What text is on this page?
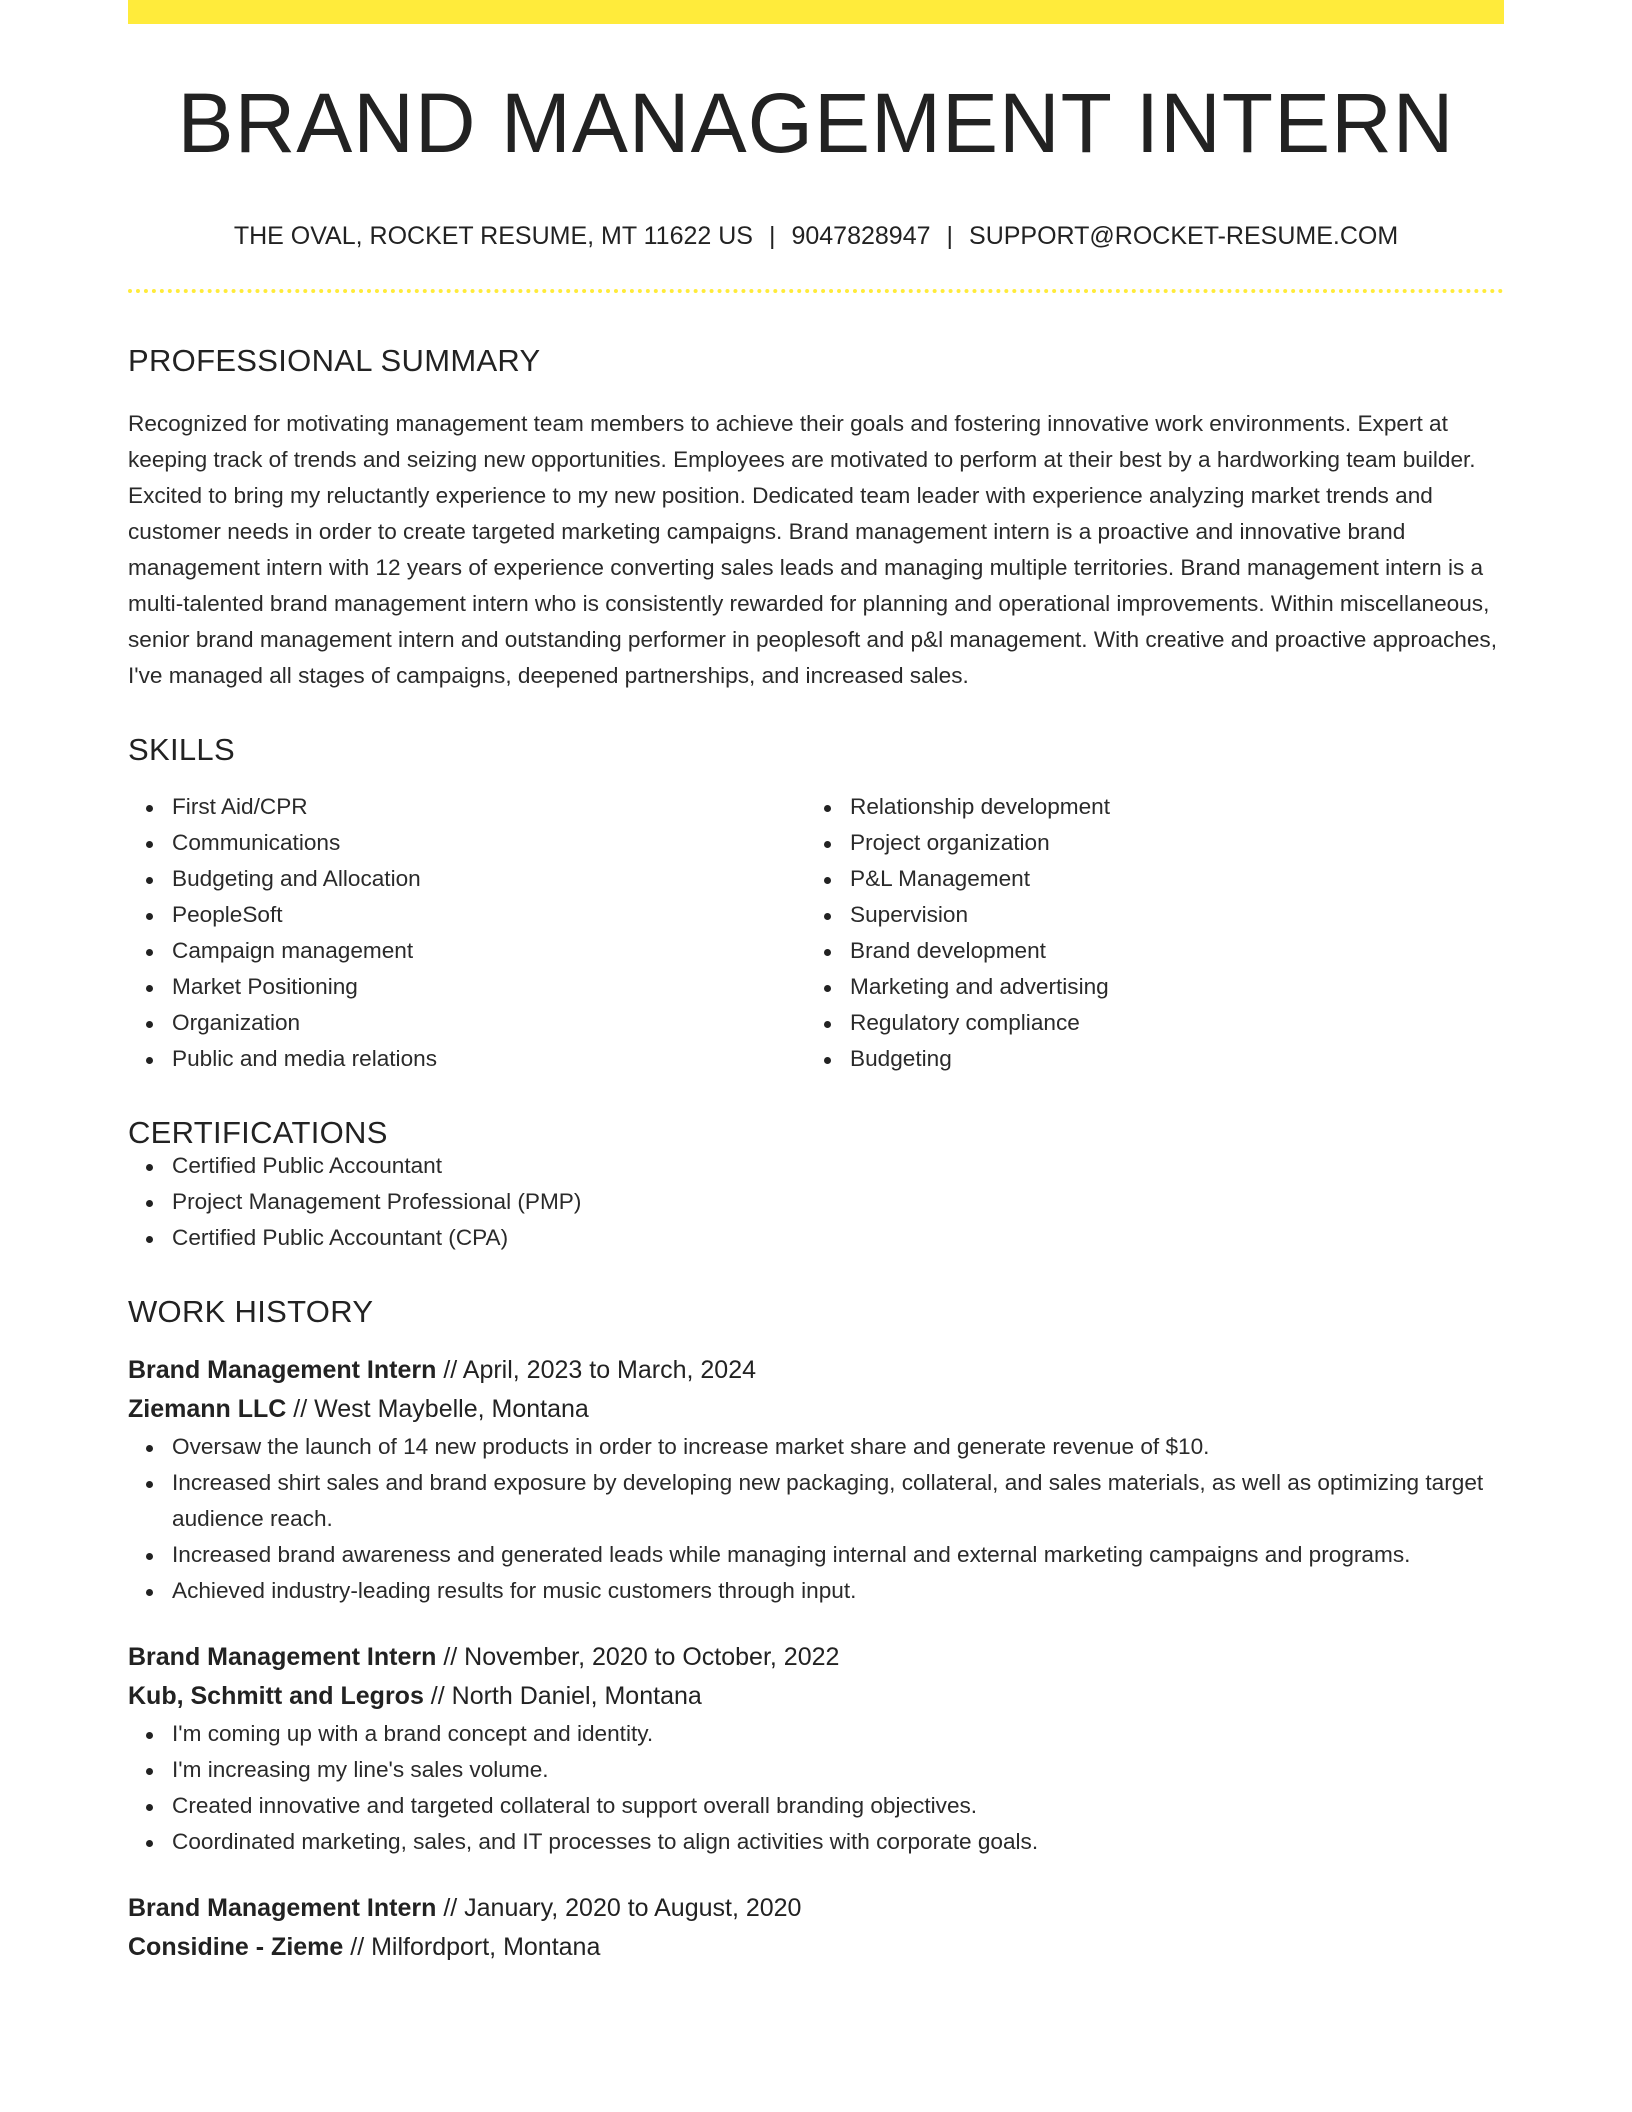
BRAND MANAGEMENT INTERN
THE OVAL, ROCKET RESUME, MT 11622 US | 9047828947 | SUPPORT@ROCKET-RESUME.COM
PROFESSIONAL SUMMARY

Recognized for motivating management team members to achieve their goals and fostering innovative work environments. Expert at keeping track of trends and seizing new opportunities. Employees are motivated to perform at their best by a hardworking team builder. Excited to bring my reluctantly experience to my new position. Dedicated team leader with experience analyzing market trends and customer needs in order to create targeted marketing campaigns. Brand management intern is a proactive and innovative brand management intern with 12 years of experience converting sales leads and managing multiple territories. Brand management intern is a multi-talented brand management intern who is consistently rewarded for planning and operational improvements. Within miscellaneous, senior brand management intern and outstanding performer in peoplesoft and p&l management. With creative and proactive approaches, I've managed all stages of campaigns, deepened partnerships, and increased sales.

SKILLS
First Aid/CPR
Communications
Budgeting and Allocation
PeopleSoft
Campaign management
Market Positioning
Organization
Public and media relations
Relationship development
Project organization
P&L Management
Supervision
Brand development
Marketing and advertising
Regulatory compliance
Budgeting
CERTIFICATIONS
Certified Public Accountant
Project Management Professional (PMP)
Certified Public Accountant (CPA)
WORK HISTORY
Brand Management Intern // April, 2023 to March, 2024
Ziemann LLC // West Maybelle, Montana
Oversaw the launch of 14 new products in order to increase market share and generate revenue of $10.
Increased shirt sales and brand exposure by developing new packaging, collateral, and sales materials, as well as optimizing target audience reach.
Increased brand awareness and generated leads while managing internal and external marketing campaigns and programs.
Achieved industry-leading results for music customers through input.
Brand Management Intern // November, 2020 to October, 2022
Kub, Schmitt and Legros // North Daniel, Montana
I'm coming up with a brand concept and identity.
I'm increasing my line's sales volume.
Created innovative and targeted collateral to support overall branding objectives.
Coordinated marketing, sales, and IT processes to align activities with corporate goals.
Brand Management Intern // January, 2020 to August, 2020
Considine - Zieme // Milfordport, Montana
